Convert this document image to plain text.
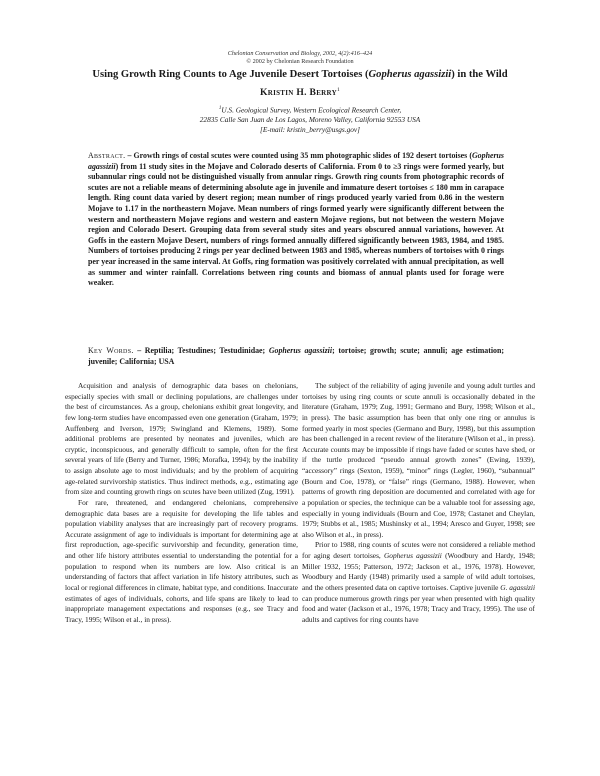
Chelonian Conservation and Biology, 2002, 4(2):416–424
© 2002 by Chelonian Research Foundation
Using Growth Ring Counts to Age Juvenile Desert Tortoises (Gopherus agassizii) in the Wild
Kristin H. Berry$^1$
$^1$U.S. Geological Survey, Western Ecological Research Center,
22835 Calle San Juan de Los Lagos, Moreno Valley, California 92553 USA
[E-mail: kristin_berry@usgs.gov]
Abstract. – Growth rings of costal scutes were counted using 35 mm photographic slides of 192 desert tortoises (Gopherus agassizii) from 11 study sites in the Mojave and Colorado deserts of California. From 0 to ≥3 rings were formed yearly, but subannular rings could not be distinguished visually from annular rings. Growth ring counts from photographic records of scutes are not a reliable means of determining absolute age in juvenile and immature desert tortoises ≤ 180 mm in carapace length. Ring count data varied by desert region; mean number of rings produced yearly varied from 0.86 in the western Mojave to 1.17 in the northeastern Mojave. Mean numbers of rings formed yearly were significantly different between the western and northeastern Mojave regions and western and eastern Mojave regions, but not between the western Mojave region and Colorado Desert. Grouping data from several study sites and years obscured annual variations, however. At Goffs in the eastern Mojave Desert, numbers of rings formed annually differed significantly between 1983, 1984, and 1985. Numbers of tortoises producing 2 rings per year declined between 1983 and 1985, whereas numbers of tortoises with 0 rings per year increased in the same interval. At Goffs, ring formation was positively correlated with annual precipitation, as well as summer and winter rainfall. Correlations between ring counts and biomass of annual plants used for forage were weaker.
Key Words. – Reptilia; Testudines; Testudinidae; Gopherus agassizii; tortoise; growth; scute; annuli; age estimation; juvenile; California; USA

Acquisition and analysis of demographic data bases on chelonians, especially species with small or declining populations, are challenges under the best of circumstances. As a group, chelonians exhibit great longevity, and few long-term studies have encompassed even one generation (Graham, 1979; Auffenberg and Iverson, 1979; Swingland and Klemens, 1989). Some additional problems are presented by neonates and juveniles, which are cryptic, inconspicuous, and generally difficult to sample, often for the first several years of life (Berry and Turner, 1986; Morafka, 1994); by the inability to assign absolute age to most individuals; and by the problem of acquiring age-related survivorship statistics. Thus indirect methods, e.g., estimating age from size and counting growth rings on scutes have been utilized (Zug, 1991).

For rare, threatened, and endangered chelonians, comprehensive demographic data bases are a requisite for developing the life tables and population viability analyses that are increasingly part of recovery programs. Accurate assignment of age to individuals is important for determining age at first reproduction, age-specific survivorship and fecundity, generation time, and other life history attributes essential to understanding the potential for a population to respond when its numbers are low. Also critical is an understanding of factors that affect variation in life history attributes, such as local or regional differences in climate, habitat type, and conditions. Inaccurate estimates of ages of individuals, cohorts, and life spans are likely to lead to inappropriate management expectations and responses (e.g., see Tracy and Tracy, 1995; Wilson et al., in press).

The subject of the reliability of aging juvenile and young adult turtles and tortoises by using ring counts or scute annuli is occasionally debated in the literature (Graham, 1979; Zug, 1991; Germano and Bury, 1998; Wilson et al., in press). The basic assumption has been that only one ring or annulus is formed yearly in most species (Germano and Bury, 1998), but this assumption has been challenged in a recent review of the literature (Wilson et al., in press). Accurate counts may be impossible if rings have faded or scutes have shed, or if the turtle produced “pseudo annual growth zones” (Ewing, 1939), “accessory” rings (Sexton, 1959), “minor” rings (Legler, 1960), “subannual” (Bourn and Coe, 1978), or “false” rings (Germano, 1988). However, when patterns of growth ring deposition are documented and correlated with age for a population or species, the technique can be a valuable tool for assessing age, especially in young individuals (Bourn and Coe, 1978; Castanet and Cheylan, 1979; Stubbs et al., 1985; Mushinsky et al., 1994; Aresco and Guyer, 1998; see also Wilson et al., in press).

Prior to 1988, ring counts of scutes were not considered a reliable method for aging desert tortoises, Gopherus agassizii (Woodbury and Hardy, 1948; Miller 1932, 1955; Patterson, 1972; Jackson et al., 1976, 1978). However, Woodbury and Hardy (1948) primarily used a sample of wild adult tortoises, and the others presented data on captive tortoises. Captive juvenile G. agassizii can produce numerous growth rings per year when presented with high quality food and water (Jackson et al., 1976, 1978; Tracy and Tracy, 1995). The use of adults and captives for ring counts have
